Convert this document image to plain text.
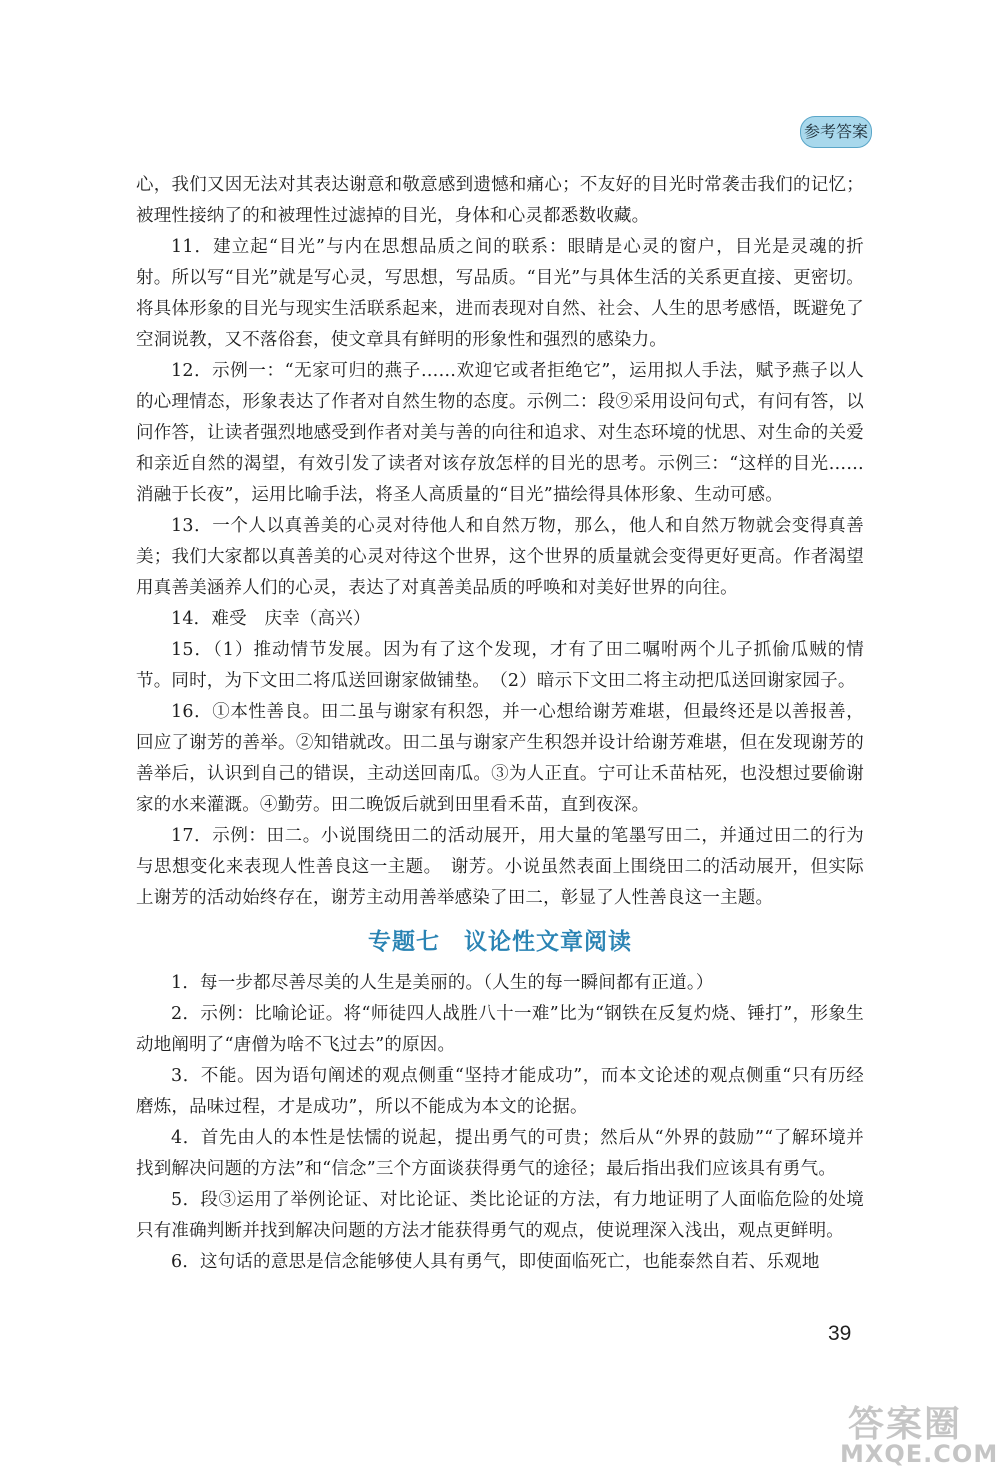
参考答案

心，我们又因无法对其表达谢意和敬意感到遗憾和痛心；不友好的目光时常袭击我们的记忆；被理性接纳了的和被理性过滤掉的目光，身体和心灵都悉数收藏。

11．建立起“目光”与内在思想品质之间的联系：眼睛是心灵的窗户，目光是灵魂的折射。所以写“目光”就是写心灵，写思想，写品质。“目光”与具体生活的关系更直接、更密切。将具体形象的目光与现实生活联系起来，进而表现对自然、社会、人生的思考感悟，既避免了空洞说教，又不落俗套，使文章具有鲜明的形象性和强烈的感染力。

12．示例一：“无家可归的燕子……欢迎它或者拒绝它”，运用拟人手法，赋予燕子以人的心理情态，形象表达了作者对自然生物的态度。示例二：段⑨采用设问句式，有问有答，以问作答，让读者强烈地感受到作者对美与善的向往和追求、对生态环境的忧思、对生命的关爱和亲近自然的渴望，有效引发了读者对该存放怎样的目光的思考。示例三：“这样的目光……消融于长夜”，运用比喻手法，将圣人高质量的“目光”描绘得具体形象、生动可感。

13．一个人以真善美的心灵对待他人和自然万物，那么，他人和自然万物就会变得真善美；我们大家都以真善美的心灵对待这个世界，这个世界的质量就会变得更好更高。作者渴望用真善美涵养人们的心灵，表达了对真善美品质的呼唤和对美好世界的向往。

14．难受　庆幸（高兴）

15．（1）推动情节发展。因为有了这个发现，才有了田二嘱咐两个儿子抓偷瓜贼的情节。同时，为下文田二将瓜送回谢家做铺垫。　（2）暗示下文田二将主动把瓜送回谢家园子。

16．①本性善良。田二虽与谢家有积怨，并一心想给谢芳难堪，但最终还是以善报善，回应了谢芳的善举。②知错就改。田二虽与谢家产生积怨并设计给谢芳难堪，但在发现谢芳的善举后，认识到自己的错误，主动送回南瓜。③为人正直。宁可让禾苗枯死，也没想过要偷谢家的水来灌溉。④勤劳。田二晚饭后就到田里看禾苗，直到夜深。

17．示例：田二。小说围绕田二的活动展开，用大量的笔墨写田二，并通过田二的行为与思想变化来表现人性善良这一主题。　谢芳。小说虽然表面上围绕田二的活动展开，但实际上谢芳的活动始终存在，谢芳主动用善举感染了田二，彰显了人性善良这一主题。

专题七　议论性文章阅读

1．每一步都尽善尽美的人生是美丽的。（人生的每一瞬间都有正道。）

2．示例：比喻论证。将“师徒四人战胜八十一难”比为“钢铁在反复灼烧、锤打”，形象生动地阐明了“唐僧为啥不飞过去”的原因。

3．不能。因为语句阐述的观点侧重“坚持才能成功”，而本文论述的观点侧重“只有历经磨炼，品味过程，才是成功”，所以不能成为本文的论据。

4．首先由人的本性是怯懦的说起，提出勇气的可贵；然后从“外界的鼓励”“了解环境并找到解决问题的方法”和“信念”三个方面谈获得勇气的途径；最后指出我们应该具有勇气。

5．段③运用了举例论证、对比论证、类比论证的方法，有力地证明了人面临危险的处境只有准确判断并找到解决问题的方法才能获得勇气的观点，使说理深入浅出，观点更鲜明。

6．这句话的意思是信念能够使人具有勇气，即使面临死亡，也能泰然自若、乐观地

39
答案圈
MXQE.COM
